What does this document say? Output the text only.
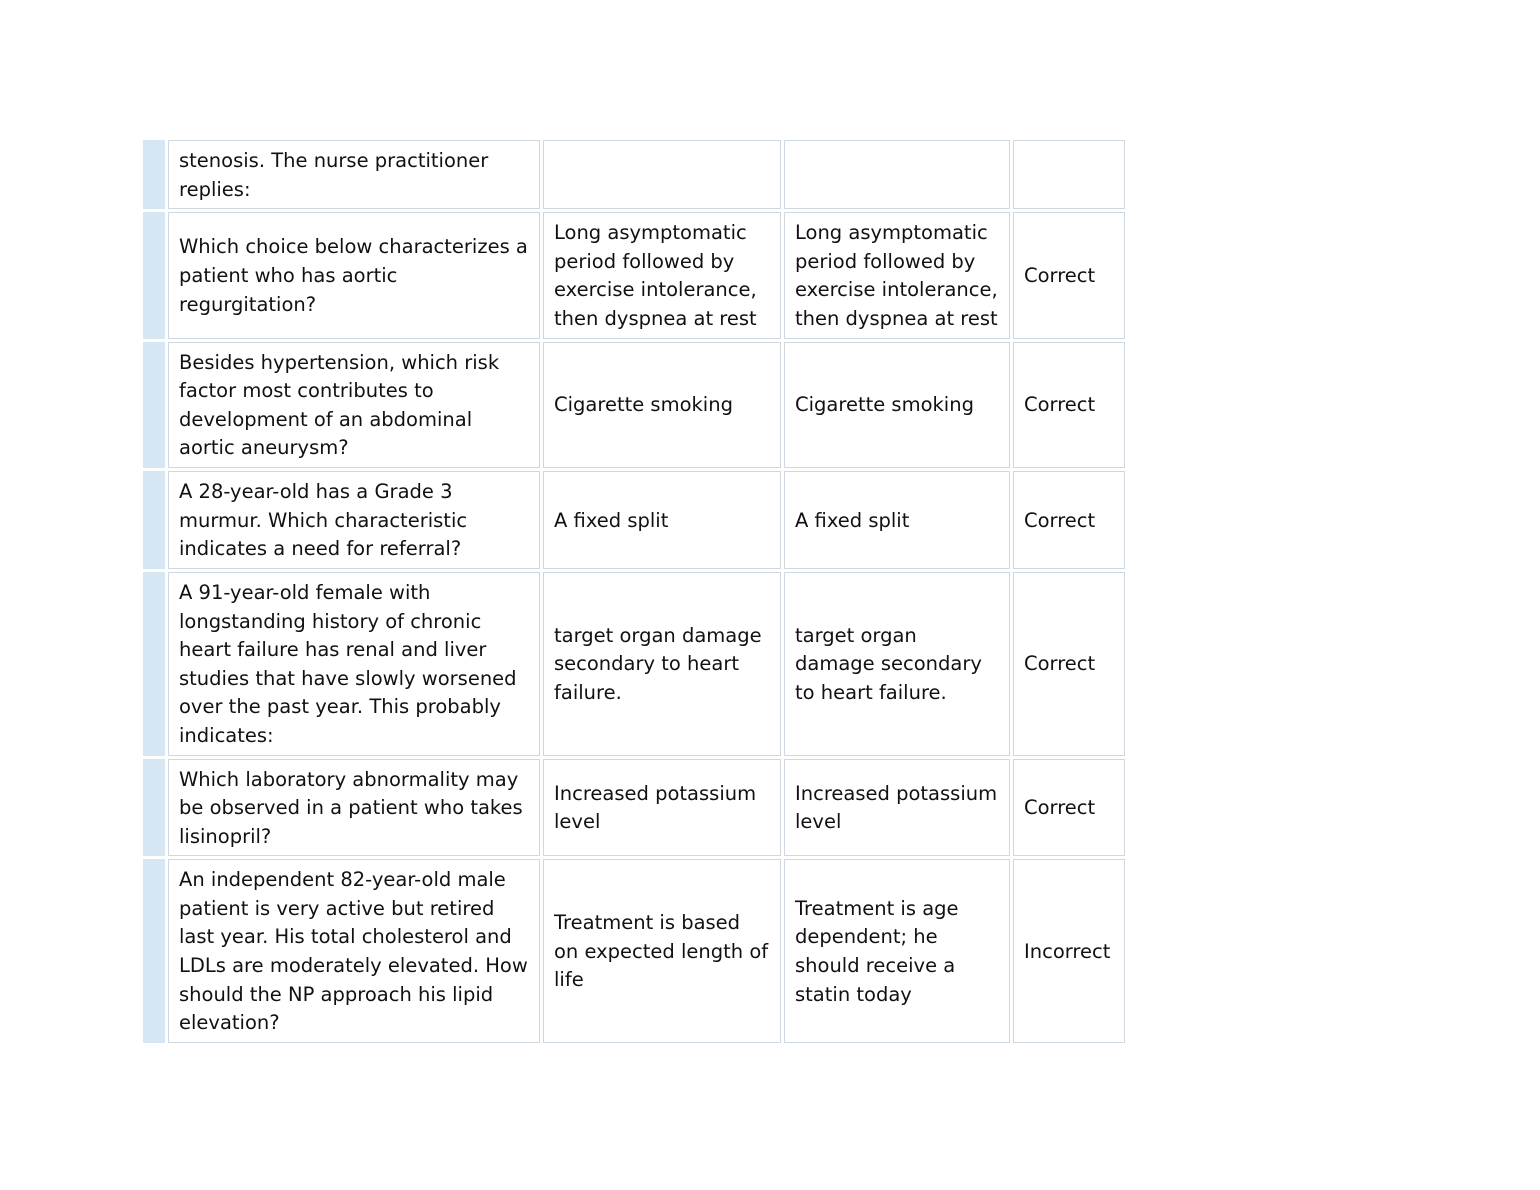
	stenosis. The nurse practitioner replies:			
	Which choice below characterizes a patient who has aortic regurgitation?	Long asymptomatic period followed by exercise intolerance, then dyspnea at rest	Long asymptomatic period followed by exercise intolerance, then dyspnea at rest	Correct
	Besides hypertension, which risk factor most contributes to development of an abdominal aortic aneurysm?	Cigarette smoking	Cigarette smoking	Correct
	A 28-year-old has a Grade 3 murmur. Which characteristic indicates a need for referral?	A fixed split	A fixed split	Correct
	A 91-year-old female with longstanding history of chronic heart failure has renal and liver studies that have slowly worsened over the past year. This probably indicates:	target organ damage secondary to heart failure.	target organ damage secondary to heart failure.	Correct
	Which laboratory abnormality may be observed in a patient who takes lisinopril?	Increased potassium level	Increased potassium level	Correct
	An independent 82-year-old male patient is very active but retired last year. His total cholesterol and LDLs are moderately elevated. How should the NP approach his lipid elevation?	Treatment is based on expected length of life	Treatment is age dependent; he should receive a statin today	Incorrect
